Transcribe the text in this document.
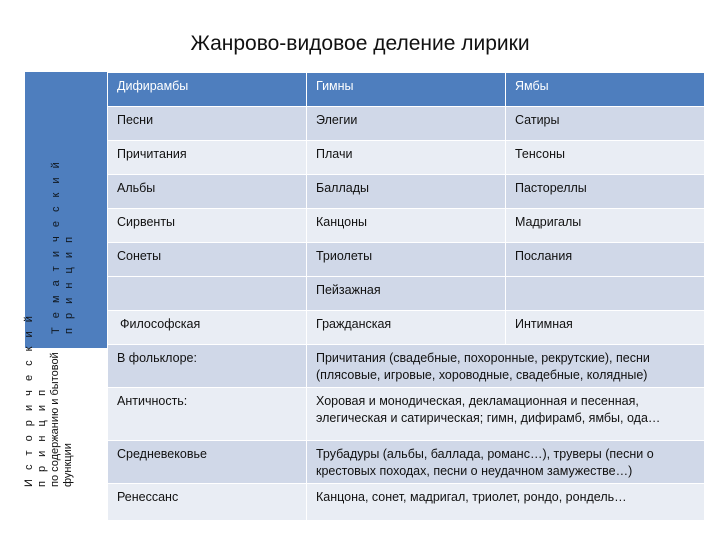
Жанрово-видовое деление лирики
Т е м а т и ч е с к и й п р и н ц и п
И с т о р и ч е с к и й п р и н ц и п по содержанию и бытовой функции
Дифирамбы	Гимны	Ямбы
Песни	Элегии	Сатиры
Причитания	Плачи	Тенсоны
Альбы	Баллады	Пастореллы
Сирвенты	Канцоны	Мадригалы
Сонеты	Триолеты	Послания
	Пейзажная	
Философская	Гражданская	Интимная
В фольклоре:	Причитания (свадебные, похоронные, рекрутские), песни (плясовые, игровые, хороводные, свадебные, колядные)	
Античность:	Хоровая и монодическая, декламационная и песенная, элегическая и сатирическая; гимн, дифирамб, ямбы, ода…	
Средневековье	Трубадуры (альбы, баллада, романс…), труверы (песни о крестовых походах, песни о неудачном замужестве…)	
Ренессанс	Канцона, сонет, мадригал, триолет, рондо, рондель…	
